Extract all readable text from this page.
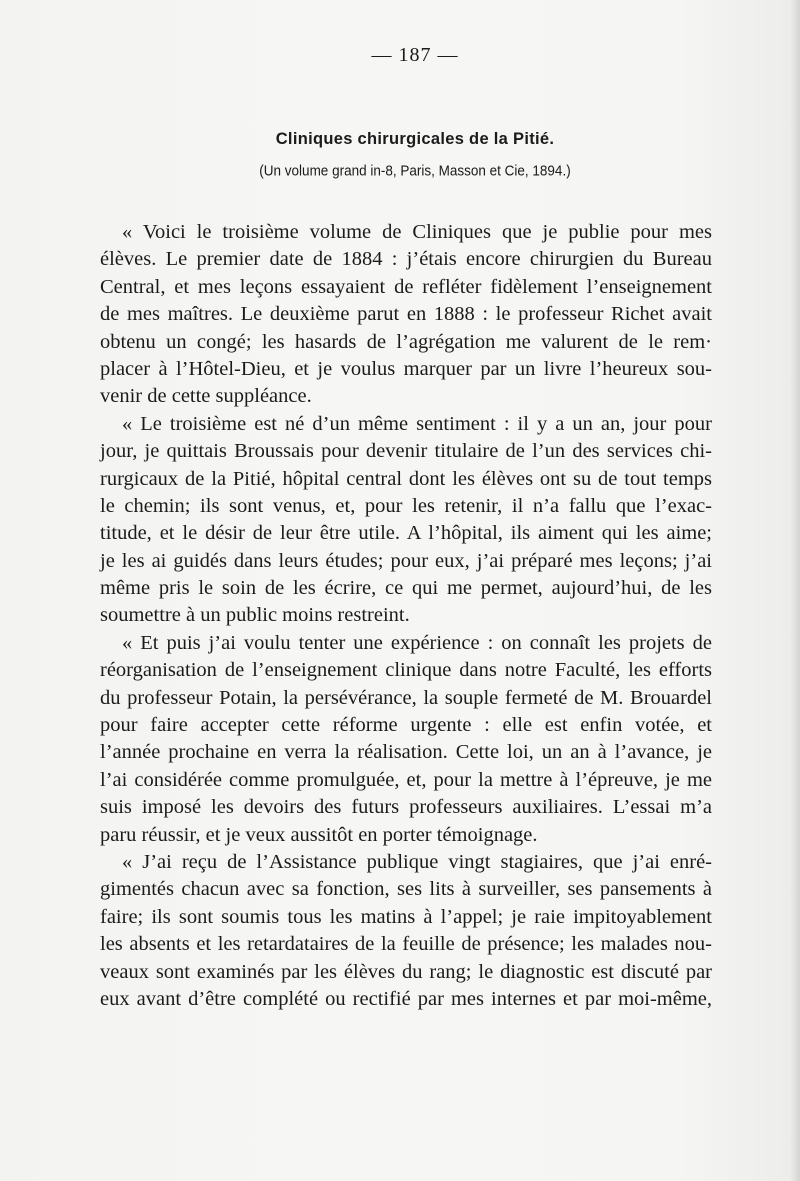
— 187 —
Cliniques chirurgicales de la Pitié.
(Un volume grand in-8, Paris, Masson et Cie, 1894.)
« Voici le troisième volume de Cliniques que je publie pour mes
élèves. Le premier date de 1884 : j’étais encore chirurgien du Bureau
Central, et mes leçons essayaient de refléter fidèlement l’enseignement
de mes maîtres. Le deuxième parut en 1888 : le professeur Richet avait
obtenu un congé; les hasards de l’agrégation me valurent de le rem·
placer à l’Hôtel-Dieu, et je voulus marquer par un livre l’heureux sou-
venir de cette suppléance.
« Le troisième est né d’un même sentiment : il y a un an, jour pour
jour, je quittais Broussais pour devenir titulaire de l’un des services chi-
rurgicaux de la Pitié, hôpital central dont les élèves ont su de tout temps
le chemin; ils sont venus, et, pour les retenir, il n’a fallu que l’exac-
titude, et le désir de leur être utile. A l’hôpital, ils aiment qui les aime;
je les ai guidés dans leurs études; pour eux, j’ai préparé mes leçons; j’ai
même pris le soin de les écrire, ce qui me permet, aujourd’hui, de les
soumettre à un public moins restreint.
« Et puis j’ai voulu tenter une expérience : on connaît les projets de
réorganisation de l’enseignement clinique dans notre Faculté, les efforts
du professeur Potain, la persévérance, la souple fermeté de M. Brouardel
pour faire accepter cette réforme urgente : elle est enfin votée, et
l’année prochaine en verra la réalisation. Cette loi, un an à l’avance, je
l’ai considérée comme promulguée, et, pour la mettre à l’épreuve, je me
suis imposé les devoirs des futurs professeurs auxiliaires. L’essai m’a
paru réussir, et je veux aussitôt en porter témoignage.
« J’ai reçu de l’Assistance publique vingt stagiaires, que j’ai enré-
gimentés chacun avec sa fonction, ses lits à surveiller, ses pansements à
faire; ils sont soumis tous les matins à l’appel; je raie impitoyablement
les absents et les retardataires de la feuille de présence; les malades nou-
veaux sont examinés par les élèves du rang; le diagnostic est discuté par
eux avant d’être complété ou rectifié par mes internes et par moi-même,
